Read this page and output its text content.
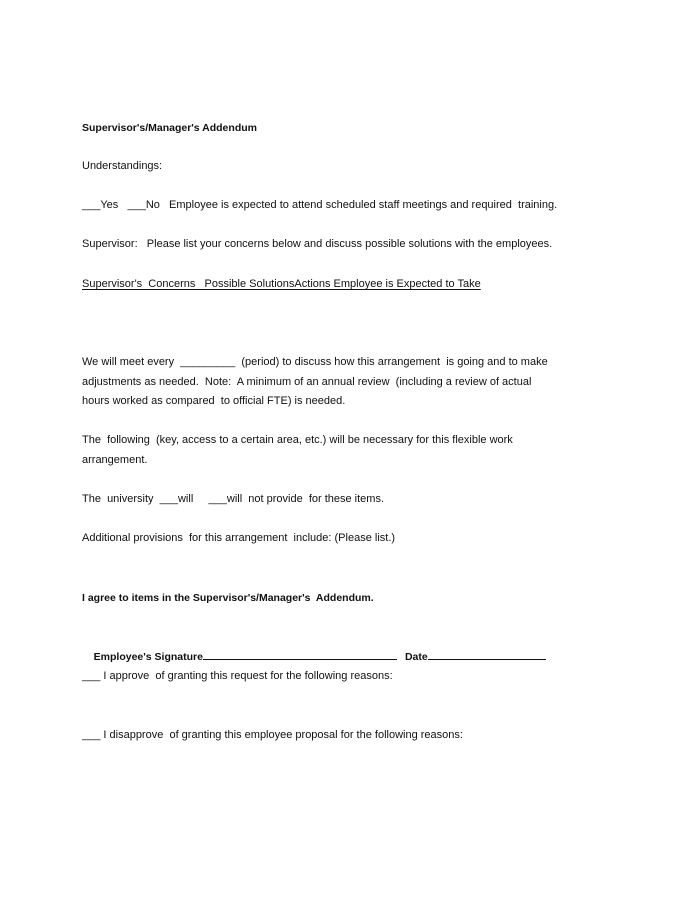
Supervisor's/Manager's Addendum

Understandings:

___Yes   ___No   Employee is expected to attend scheduled staff meetings and required  training.

Supervisor:   Please list your concerns below and discuss possible solutions with the employees.

Supervisor's  Concerns   Possible SolutionsActions Employee is Expected to Take

We will meet every  _________  (period) to discuss how this arrangement  is going and to make

adjustments as needed.  Note:  A minimum of an annual review  (including a review of actual

hours worked as compared  to official FTE) is needed.

The  following  (key, access to a certain area, etc.) will be necessary for this flexible work

arrangement.

The  university  ___will     ___will  not provide  for these items.

Additional provisions  for this arrangement  include: (Please list.)

I agree to items in the Supervisor's/Manager's  Addendum.

Employee's Signature	Date

___ I approve  of granting this request for the following reasons:

___ I disapprove  of granting this employee proposal for the following reasons:
